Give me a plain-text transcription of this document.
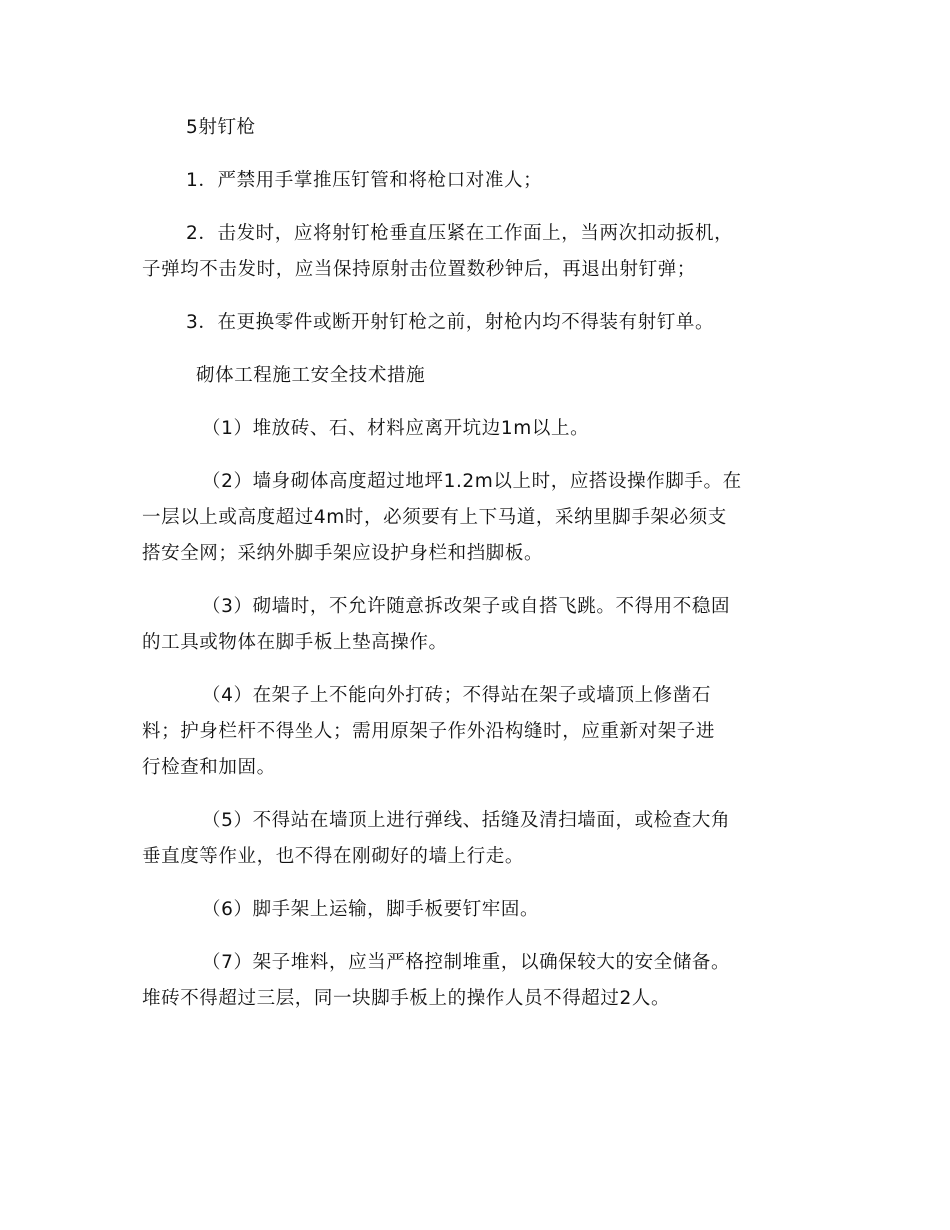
5射钉枪

1．严禁用手掌推压钉管和将枪口对准人；

2．击发时，应将射钉枪垂直压紧在工作面上，当两次扣动扳机，
子弹均不击发时，应当保持原射击位置数秒钟后，再退出射钉弹；

3．在更换零件或断开射钉枪之前，射枪内均不得装有射钉单。

砌体工程施工安全技术措施

（1）堆放砖、石、材料应离开坑边1m以上。

（2）墙身砌体高度超过地坪1.2m以上时，应搭设操作脚手。在
一层以上或高度超过4m时，必须要有上下马道，采纳里脚手架必须支
搭安全网；采纳外脚手架应设护身栏和挡脚板。

（3）砌墙时，不允许随意拆改架子或自搭飞跳。不得用不稳固
的工具或物体在脚手板上垫高操作。

（4）在架子上不能向外打砖；不得站在架子或墙顶上修凿石
料；护身栏杆不得坐人；需用原架子作外沿构缝时，应重新对架子进
行检查和加固。

（5）不得站在墙顶上进行弹线、括缝及清扫墙面，或检查大角
垂直度等作业，也不得在刚砌好的墙上行走。

（6）脚手架上运输，脚手板要钉牢固。

（7）架子堆料，应当严格控制堆重，以确保较大的安全储备。
堆砖不得超过三层，同一块脚手板上的操作人员不得超过2人。
